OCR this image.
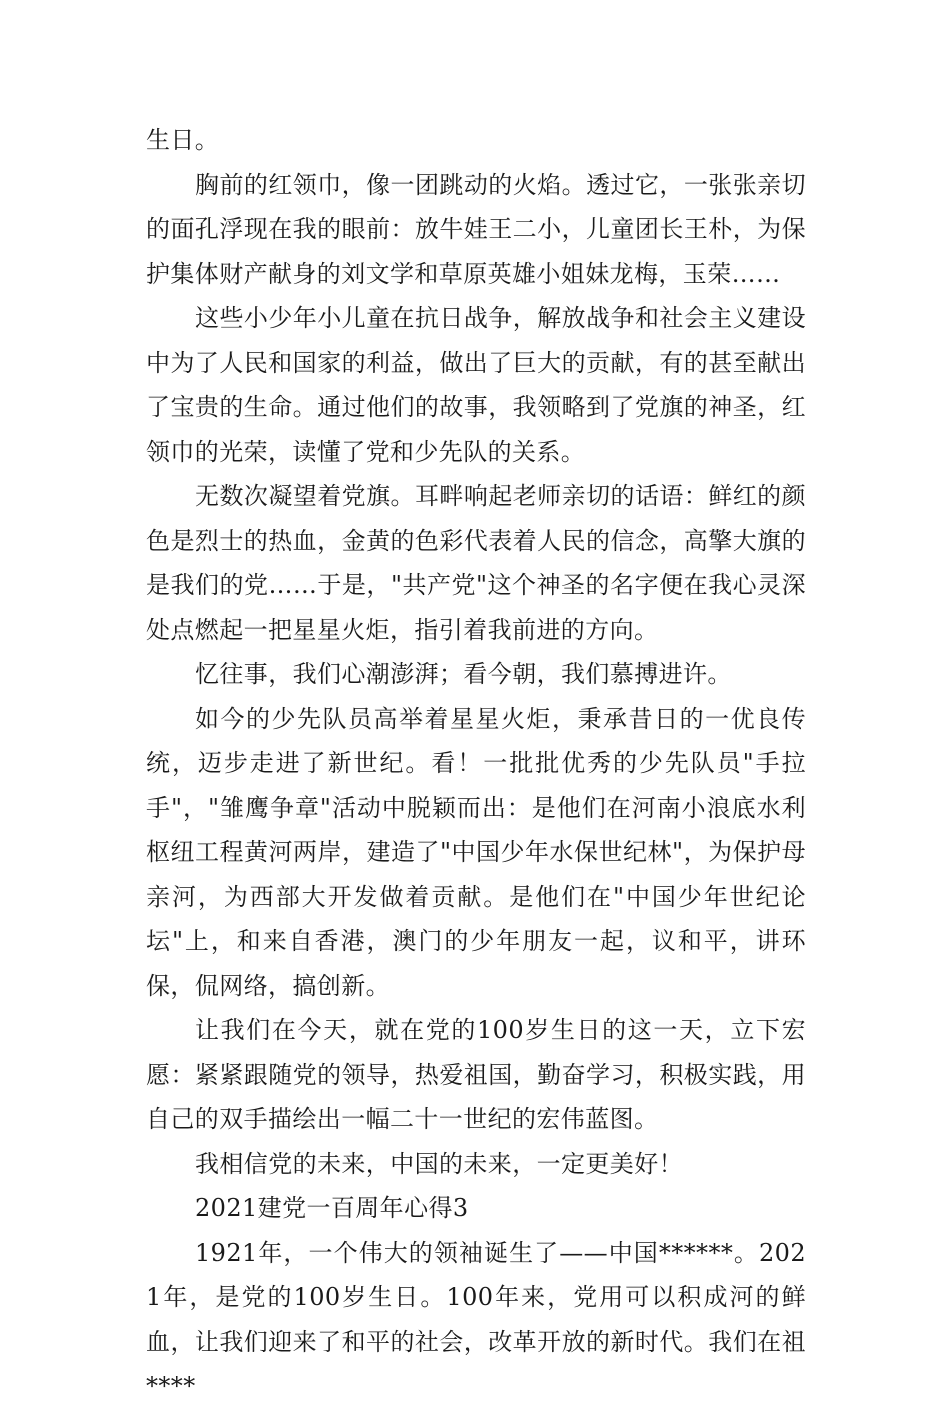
生日。

胸前的红领巾，像一团跳动的火焰。透过它，一张张亲切的面孔浮现在我的眼前：放牛娃王二小，儿童团长王朴，为保护集体财产献身的刘文学和草原英雄小姐妹龙梅，玉荣……

这些小少年小儿童在抗日战争，解放战争和社会主义建设中为了人民和国家的利益，做出了巨大的贡献，有的甚至献出了宝贵的生命。通过他们的故事，我领略到了党旗的神圣，红领巾的光荣，读懂了党和少先队的关系。

无数次凝望着党旗。耳畔响起老师亲切的话语：鲜红的颜色是烈士的热血，金黄的色彩代表着人民的信念，高擎大旗的是我们的党……于是，"共产党"这个神圣的名字便在我心灵深处点燃起一把星星火炬，指引着我前进的方向。

忆往事，我们心潮澎湃；看今朝，我们慕搏进许。

如今的少先队员高举着星星火炬，秉承昔日的一优良传统，迈步走进了新世纪。看！一批批优秀的少先队员"手拉手"，"雏鹰争章"活动中脱颖而出：是他们在河南小浪底水利枢纽工程黄河两岸，建造了"中国少年水保世纪林"，为保护母亲河，为西部大开发做着贡献。是他们在"中国少年世纪论坛"上，和来自香港，澳门的少年朋友一起，议和平，讲环保，侃网络，搞创新。

让我们在今天，就在党的100岁生日的这一天，立下宏愿：紧紧跟随党的领导，热爱祖国，勤奋学习，积极实践，用自己的双手描绘出一幅二十一世纪的宏伟蓝图。

我相信党的未来，中国的未来，一定更美好！

2021建党一百周年心得3

1921年，一个伟大的领袖诞生了——中国******。2021年，是党的100岁生日。100年来，党用可以积成河的鲜血，让我们迎来了和平的社会，改革开放的新时代。我们在祖****
